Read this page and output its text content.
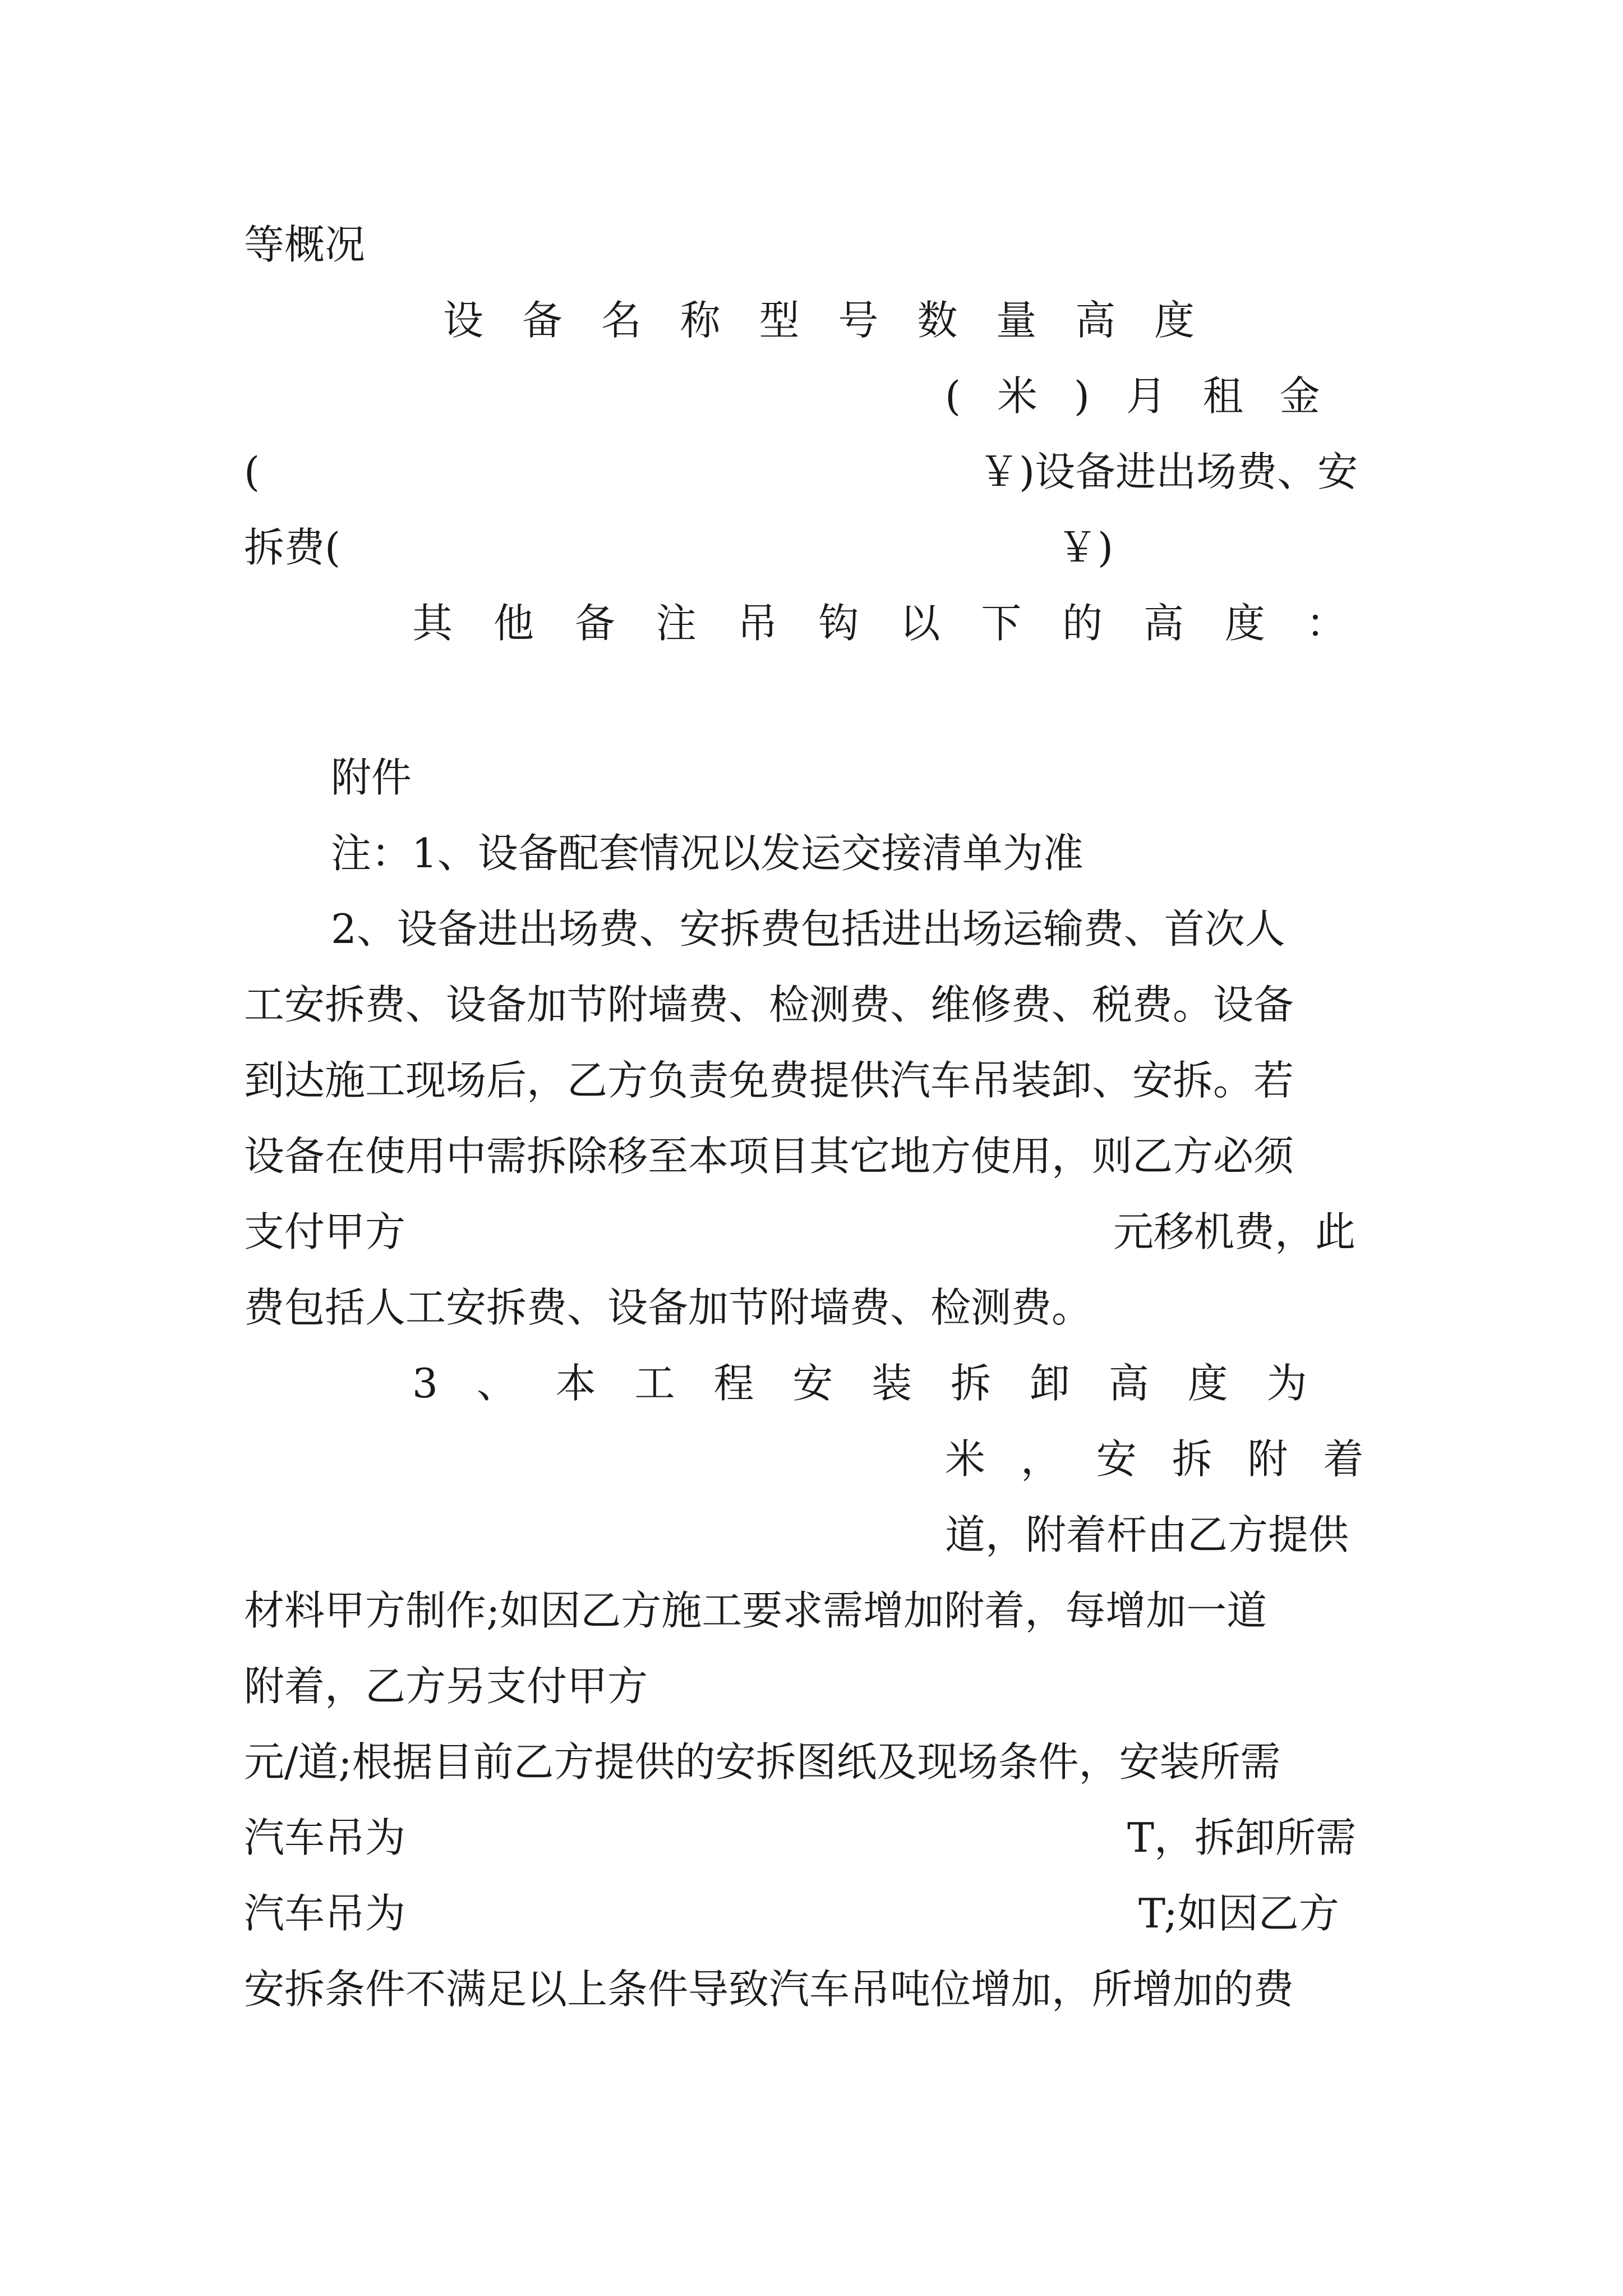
等概况
设 备 名 称 型 号 数 量 高 度
( 米 ) 月 租 金
(	￥)设备进出场费、安
拆费(	￥)
其 他 备 注 吊 钩 以 下 的 高 度 ：
附件
注：1、设备配套情况以发运交接清单为准
2、设备进出场费、安拆费包括进出场运输费、首次人
工安拆费、设备加节附墙费、检测费、维修费、税费。设备
到达施工现场后，乙方负责免费提供汽车吊装卸、安拆。若
设备在使用中需拆除移至本项目其它地方使用，则乙方必须
支付甲方	元移机费，此
费包括人工安拆费、设备加节附墙费、检测费。
3 、 本 工 程 安 装 拆 卸 高 度 为
米 ， 安 拆 附 着
道，附着杆由乙方提供
材料甲方制作;如因乙方施工要求需增加附着，每增加一道
附着，乙方另支付甲方
元/道;根据目前乙方提供的安拆图纸及现场条件，安装所需
汽车吊为	T，拆卸所需
汽车吊为	T;如因乙方
安拆条件不满足以上条件导致汽车吊吨位增加，所增加的费
